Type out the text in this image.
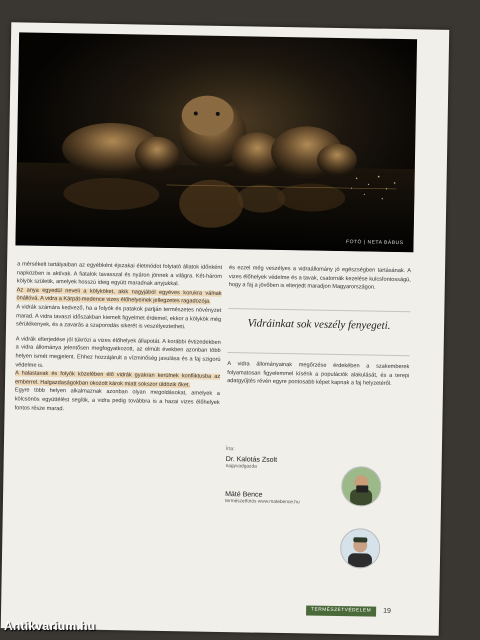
FOTÓ | NETA BÁBUS

a mérsékelt tartályaiban az egyébként éjszakai életmódot folytató állatok időnként napközben is aktívak. A fiatalok tavasszal és nyáron jönnek a világra. Két-három kölyök születik, amelyek hosszú ideig együtt maradnak anyjukkal.

Az anya egyedül neveli a kölyköket, akik nagyjából egyéves korukra válnak önállóvá. A vidra a Kárpát-medence vizes élőhelyeinek jellegzetes ragadozója.

A vidrák számára kedvező, ha a folyók és patakok partján természetes növényzet marad. A vidra tavaszi időszakban kiemelt figyelmet érdemel, ekkor a kölykök még sérülékenyek, és a zavarás a szaporodás sikerét is veszélyeztetheti.

A vidrák elterjedése jól tükrözi a vizes élőhelyek állapotát. A korábbi évtizedekben a vidra állománya jelentősen megfogyatkozott, az elmúlt években azonban több helyen ismét megjelent. Ehhez hozzájárult a vízminőség javulása és a faj szigorú védelme is.

A halastavak és folyók közelében élő vidrák gyakran kerülnek konfliktusba az emberrel. Halgazdaságokban okozott károk miatt sokszor üldözik őket.

Egyre több helyen alkalmaznak azonban olyan megoldásokat, amelyek a kölcsönös együttélést segítik, a vidra pedig továbbra is a hazai vizes élőhelyek fontos része marad.

és ezzel még veszélyes a vidraállomány jó egészségben tartásának. A vizes élőhelyek védelme és a tavak, csatornák kezelése kulcsfontosságú, hogy a faj a jövőben is elterjedt maradjon Magyarországon.

Vidráinkat sok veszély fenyegeti.

A vidra állományainak megőrzése érdekében a szakemberek folyamatosan figyelemmel kísérik a populációk alakulását, és a terepi adatgyűjtés révén egyre pontosabb képet kapnak a faj helyzetéről.

Írta:
Dr. Kalotás Zsolt
nagyvadgazda
Máté Bence
természetfotós www.matebence.hu
TERMÉSZETVÉDELEM	19
Antikvarium.hu
